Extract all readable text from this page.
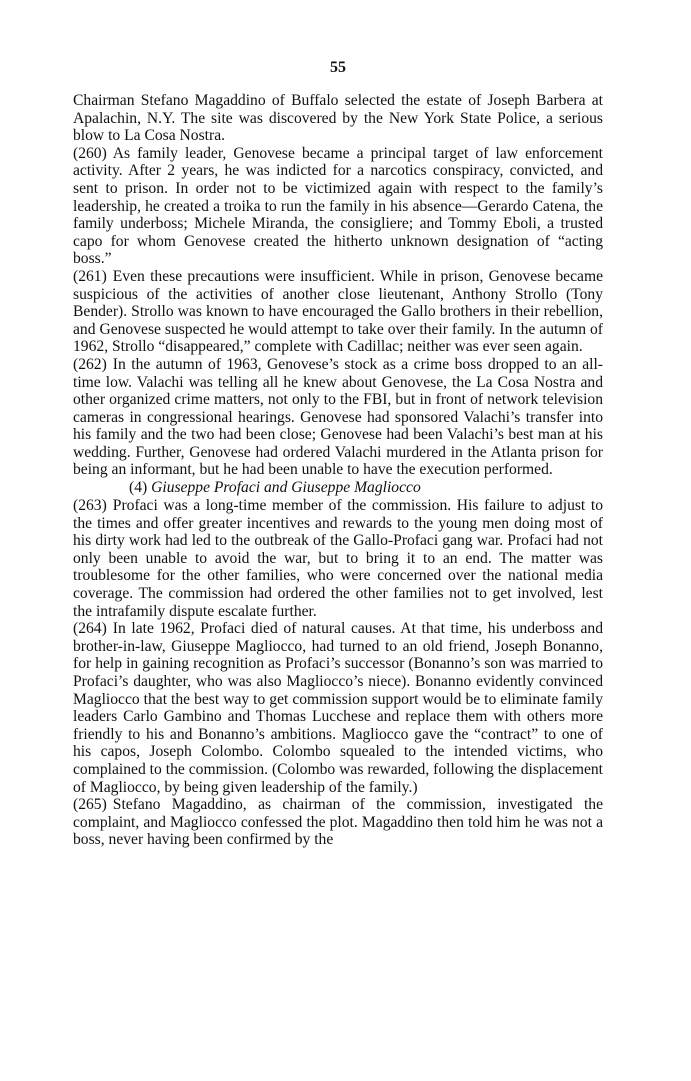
55

Chairman Stefano Magaddino of Buffalo selected the estate of Joseph Barbera at Apalachin, N.Y. The site was discovered by the New York State Police, a serious blow to La Cosa Nostra.

(260) As family leader, Genovese became a principal target of law enforcement activity. After 2 years, he was indicted for a narcotics conspiracy, convicted, and sent to prison. In order not to be victimized again with respect to the family’s leadership, he created a troika to run the family in his absence—Gerardo Catena, the family underboss; Michele Miranda, the consigliere; and Tommy Eboli, a trusted capo for whom Genovese created the hitherto unknown designation of “acting boss.”

(261) Even these precautions were insufficient. While in prison, Genovese became suspicious of the activities of another close lieutenant, Anthony Strollo (Tony Bender). Strollo was known to have encouraged the Gallo brothers in their rebellion, and Genovese suspected he would attempt to take over their family. In the autumn of 1962, Strollo “disappeared,” complete with Cadillac; neither was ever seen again.

(262) In the autumn of 1963, Genovese’s stock as a crime boss dropped to an all-time low. Valachi was telling all he knew about Genovese, the La Cosa Nostra and other organized crime matters, not only to the FBI, but in front of network television cameras in congressional hearings. Genovese had sponsored Valachi’s transfer into his family and the two had been close; Genovese had been Valachi’s best man at his wedding. Further, Genovese had ordered Valachi murdered in the Atlanta prison for being an informant, but he had been unable to have the execution performed.

(4) Giuseppe Profaci and Giuseppe Magliocco

(263) Profaci was a long-time member of the commission. His failure to adjust to the times and offer greater incentives and rewards to the young men doing most of his dirty work had led to the outbreak of the Gallo-Profaci gang war. Profaci had not only been unable to avoid the war, but to bring it to an end. The matter was troublesome for the other families, who were concerned over the national media coverage. The commission had ordered the other families not to get involved, lest the intrafamily dispute escalate further.

(264) In late 1962, Profaci died of natural causes. At that time, his underboss and brother-in-law, Giuseppe Magliocco, had turned to an old friend, Joseph Bonanno, for help in gaining recognition as Profaci’s successor (Bonanno’s son was married to Profaci’s daughter, who was also Magliocco’s niece). Bonanno evidently convinced Magliocco that the best way to get commission support would be to eliminate family leaders Carlo Gambino and Thomas Lucchese and replace them with others more friendly to his and Bonanno’s ambitions. Magliocco gave the “contract” to one of his capos, Joseph Colombo. Colombo squealed to the intended victims, who complained to the commission. (Colombo was rewarded, following the displacement of Magliocco, by being given leadership of the family.)

(265) Stefano Magaddino, as chairman of the commission, investigated the complaint, and Magliocco confessed the plot. Magaddino then told him he was not a boss, never having been confirmed by the
